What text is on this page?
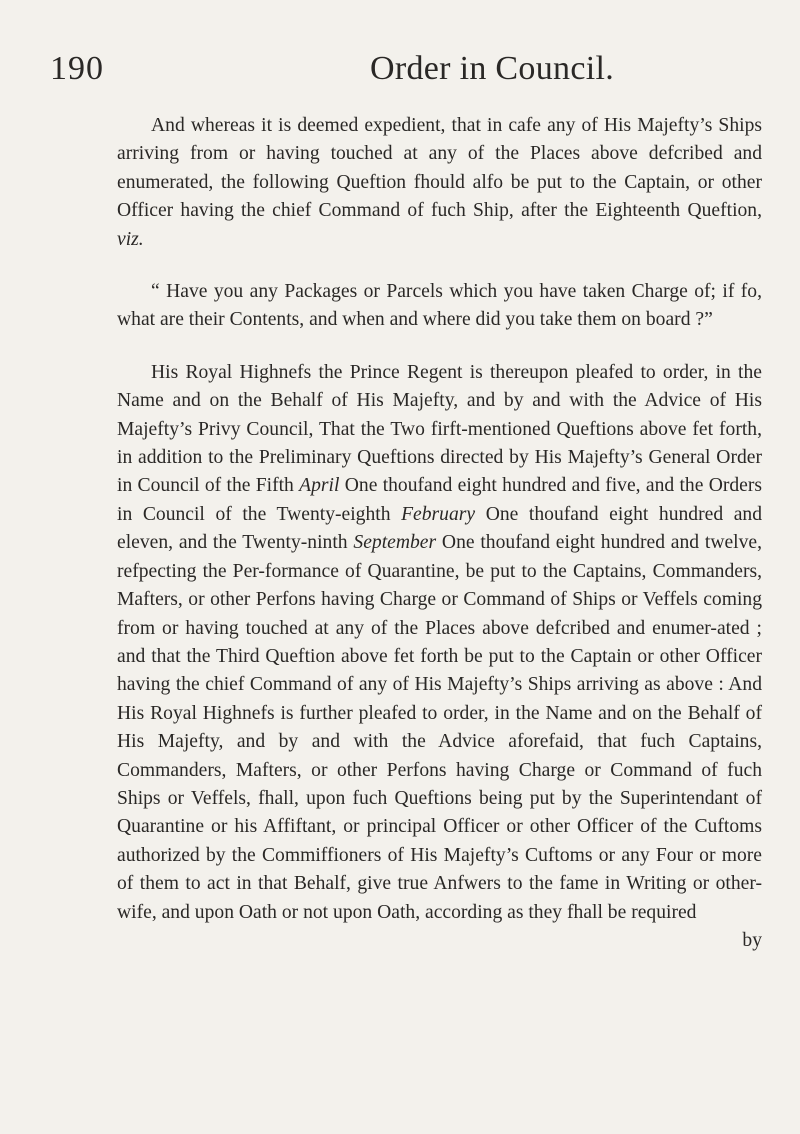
190	Order in Council.

And whereas it is deemed expedient, that in cafe any of His Majefty’s Ships arriving from or having touched at any of the Places above defcribed and enumerated, the following Queftion fhould alfo be put to the Captain, or other Officer having the chief Command of fuch Ship, after the Eighteenth Queftion, viz.

“ Have you any Packages or Parcels which you have taken Charge of; if fo, what are their Contents, and when and where did you take them on board ?”

His Royal Highnefs the Prince Regent is thereupon pleafed to order, in the Name and on the Behalf of His Majefty, and by and with the Advice of His Majefty’s Privy Council, That the Two firft-mentioned Queftions above fet forth, in addition to the Preliminary Queftions directed by His Majefty’s General Order in Council of the Fifth April One thoufand eight hundred and five, and the Orders in Council of the Twenty-eighth February One thoufand eight hundred and eleven, and the Twenty-ninth September One thoufand eight hundred and twelve, refpecting the Per-formance of Quarantine, be put to the Captains, Commanders, Mafters, or other Perfons having Charge or Command of Ships or Veffels coming from or having touched at any of the Places above defcribed and enumer-ated ; and that the Third Queftion above fet forth be put to the Captain or other Officer having the chief Command of any of His Majefty’s Ships arriving as above : And His Royal Highnefs is further pleafed to order, in the Name and on the Behalf of His Majefty, and by and with the Advice aforefaid, that fuch Captains, Commanders, Mafters, or other Perfons having Charge or Command of fuch Ships or Veffels, fhall, upon fuch Queftions being put by the Superintendant of Quarantine or his Affiftant, or principal Officer or other Officer of the Cuftoms authorized by the Commiffioners of His Majefty’s Cuftoms or any Four or more of them to act in that Behalf, give true Anfwers to the fame in Writing or other-wife, and upon Oath or not upon Oath, according as they fhall be required

by
